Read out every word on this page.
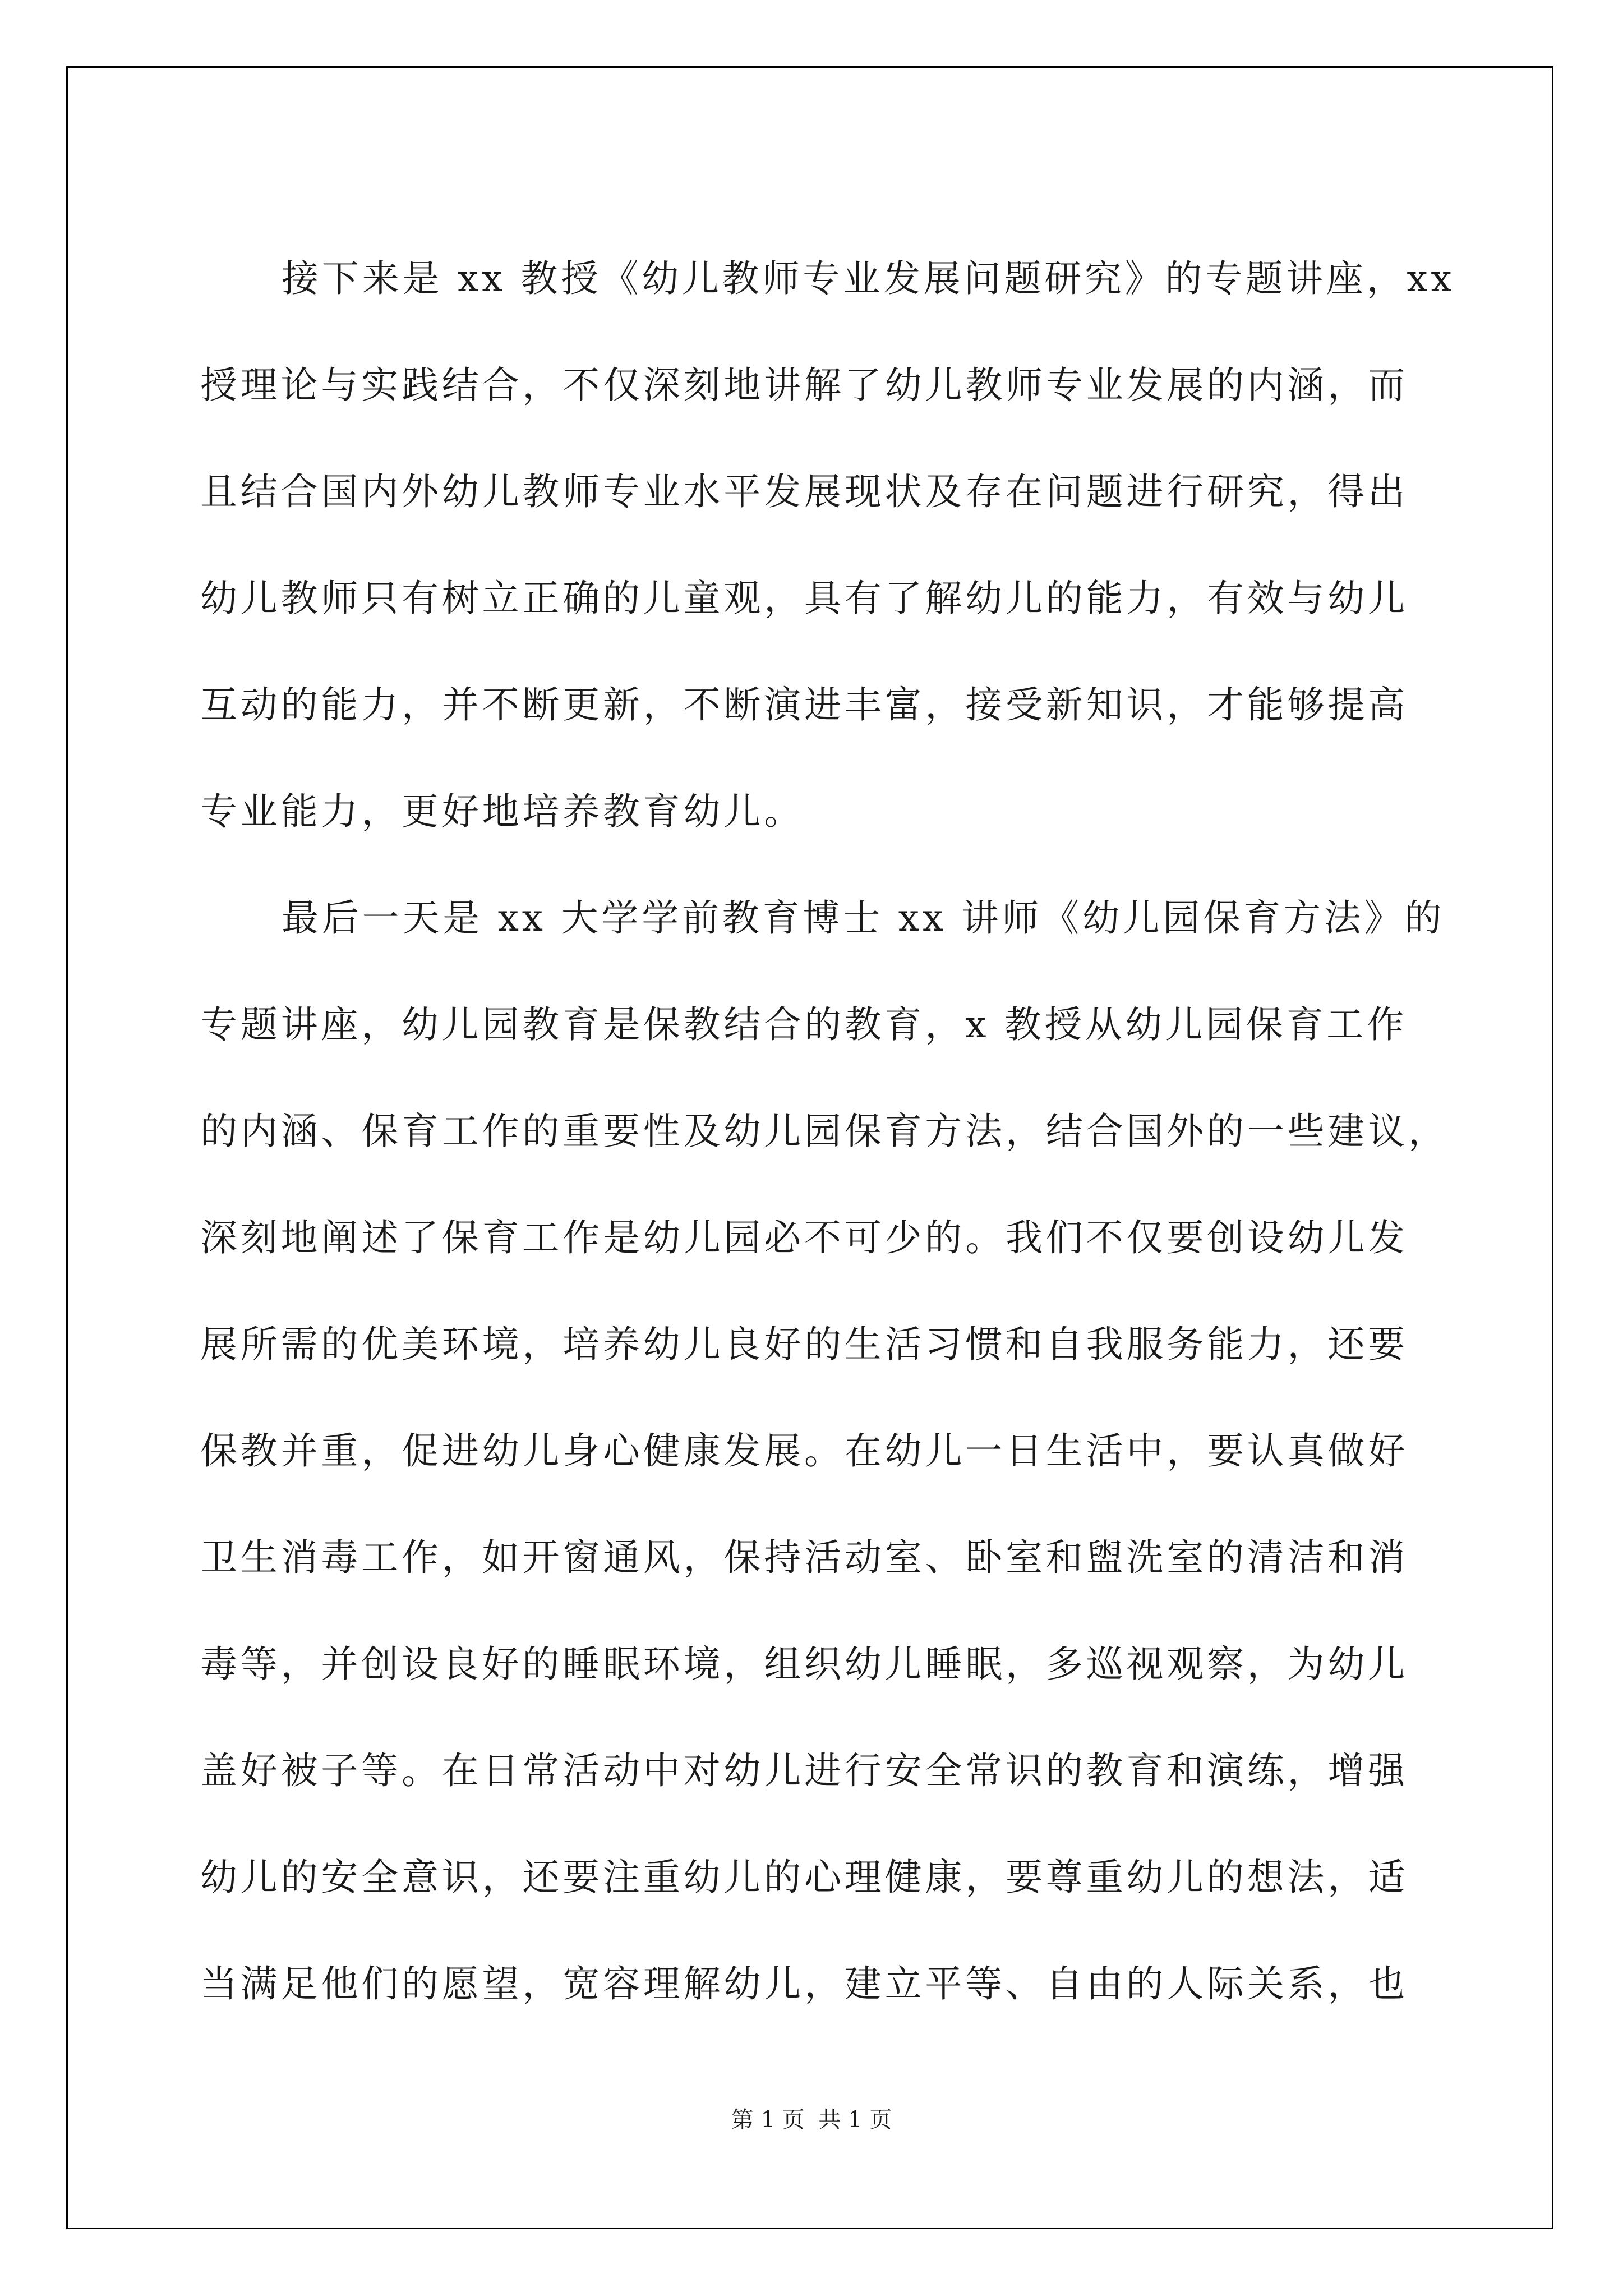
接下来是 xx 教授《幼儿教师专业发展问题研究》的专题讲座，xx
授理论与实践结合，不仅深刻地讲解了幼儿教师专业发展的内涵，而
且结合国内外幼儿教师专业水平发展现状及存在问题进行研究，得出
幼儿教师只有树立正确的儿童观，具有了解幼儿的能力，有效与幼儿
互动的能力，并不断更新，不断演进丰富，接受新知识，才能够提高
专业能力，更好地培养教育幼儿。
最后一天是 xx 大学学前教育博士 xx 讲师《幼儿园保育方法》的
专题讲座，幼儿园教育是保教结合的教育，x 教授从幼儿园保育工作
的内涵、保育工作的重要性及幼儿园保育方法，结合国外的一些建议，
深刻地阐述了保育工作是幼儿园必不可少的。我们不仅要创设幼儿发
展所需的优美环境，培养幼儿良好的生活习惯和自我服务能力，还要
保教并重，促进幼儿身心健康发展。在幼儿一日生活中，要认真做好
卫生消毒工作，如开窗通风，保持活动室、卧室和盥洗室的清洁和消
毒等，并创设良好的睡眠环境，组织幼儿睡眠，多巡视观察，为幼儿
盖好被子等。在日常活动中对幼儿进行安全常识的教育和演练，增强
幼儿的安全意识，还要注重幼儿的心理健康，要尊重幼儿的想法，适
当满足他们的愿望，宽容理解幼儿，建立平等、自由的人际关系，也
第 1 页 共 1 页
